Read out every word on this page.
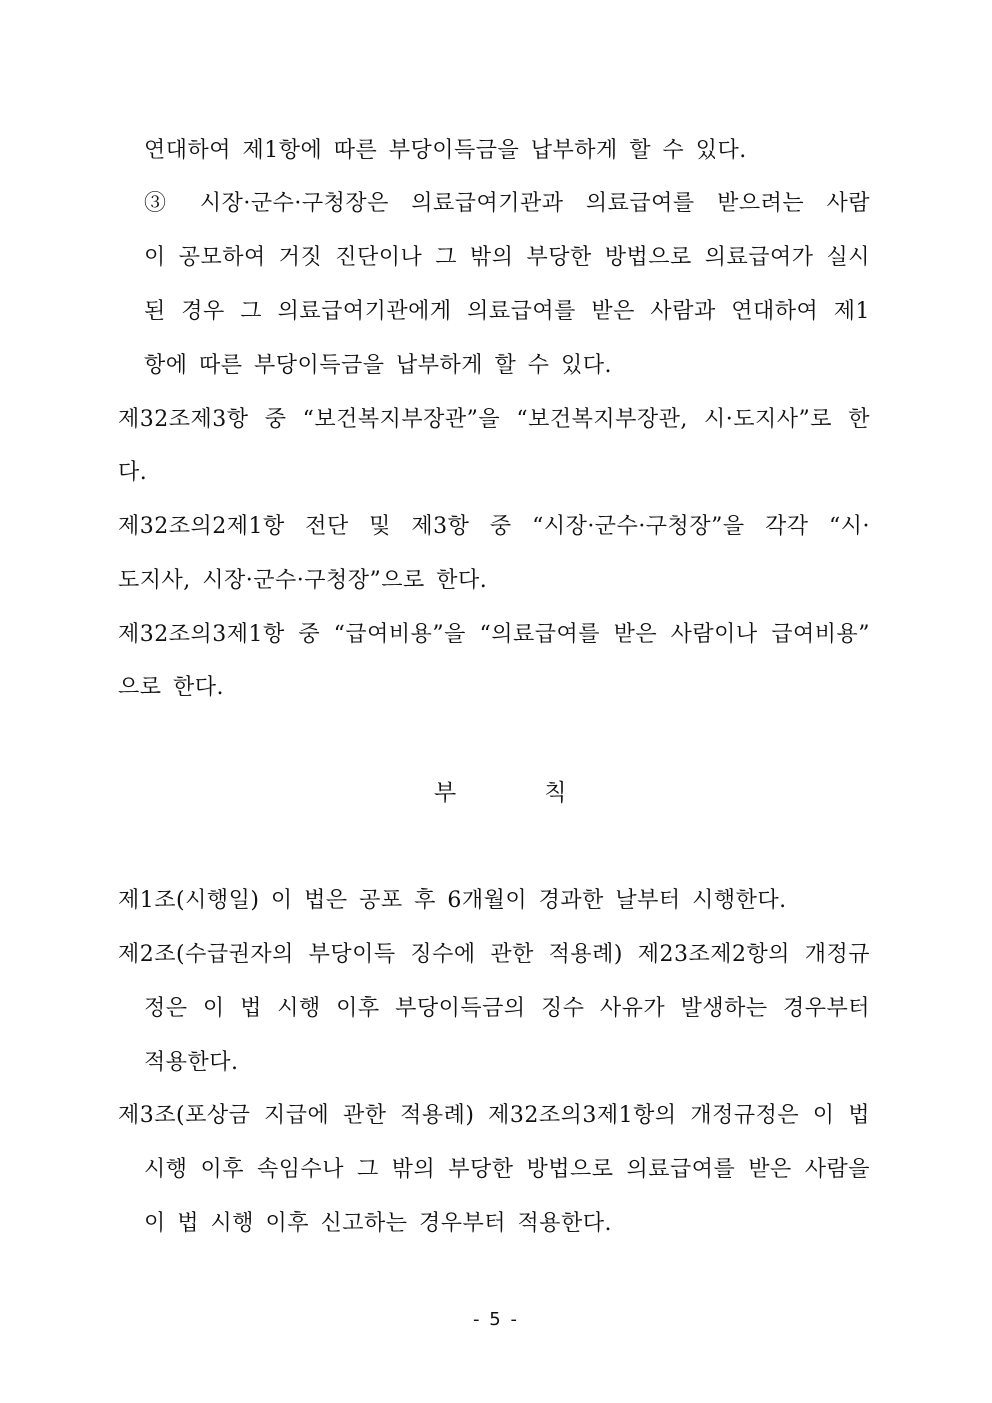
연대하여 제1항에 따른 부당이득금을 납부하게 할 수 있다.
③ 시장·군수·구청장은 의료급여기관과 의료급여를 받으려는 사람
이 공모하여 거짓 진단이나 그 밖의 부당한 방법으로 의료급여가 실시
된 경우 그 의료급여기관에게 의료급여를 받은 사람과 연대하여 제1
항에 따른 부당이득금을 납부하게 할 수 있다.
제32조제3항 중 “보건복지부장관”을 “보건복지부장관, 시·도지사”로 한
다.
제32조의2제1항 전단 및 제3항 중 “시장·군수·구청장”을 각각 “시·
도지사, 시장·군수·구청장”으로 한다.
제32조의3제1항 중 “급여비용”을 “의료급여를 받은 사람이나 급여비용”
으로 한다.
부	칙
제1조(시행일) 이 법은 공포 후 6개월이 경과한 날부터 시행한다.
제2조(수급권자의 부당이득 징수에 관한 적용례) 제23조제2항의 개정규
정은 이 법 시행 이후 부당이득금의 징수 사유가 발생하는 경우부터
적용한다.
제3조(포상금 지급에 관한 적용례) 제32조의3제1항의 개정규정은 이 법
시행 이후 속임수나 그 밖의 부당한 방법으로 의료급여를 받은 사람을
이 법 시행 이후 신고하는 경우부터 적용한다.
- 5 -
